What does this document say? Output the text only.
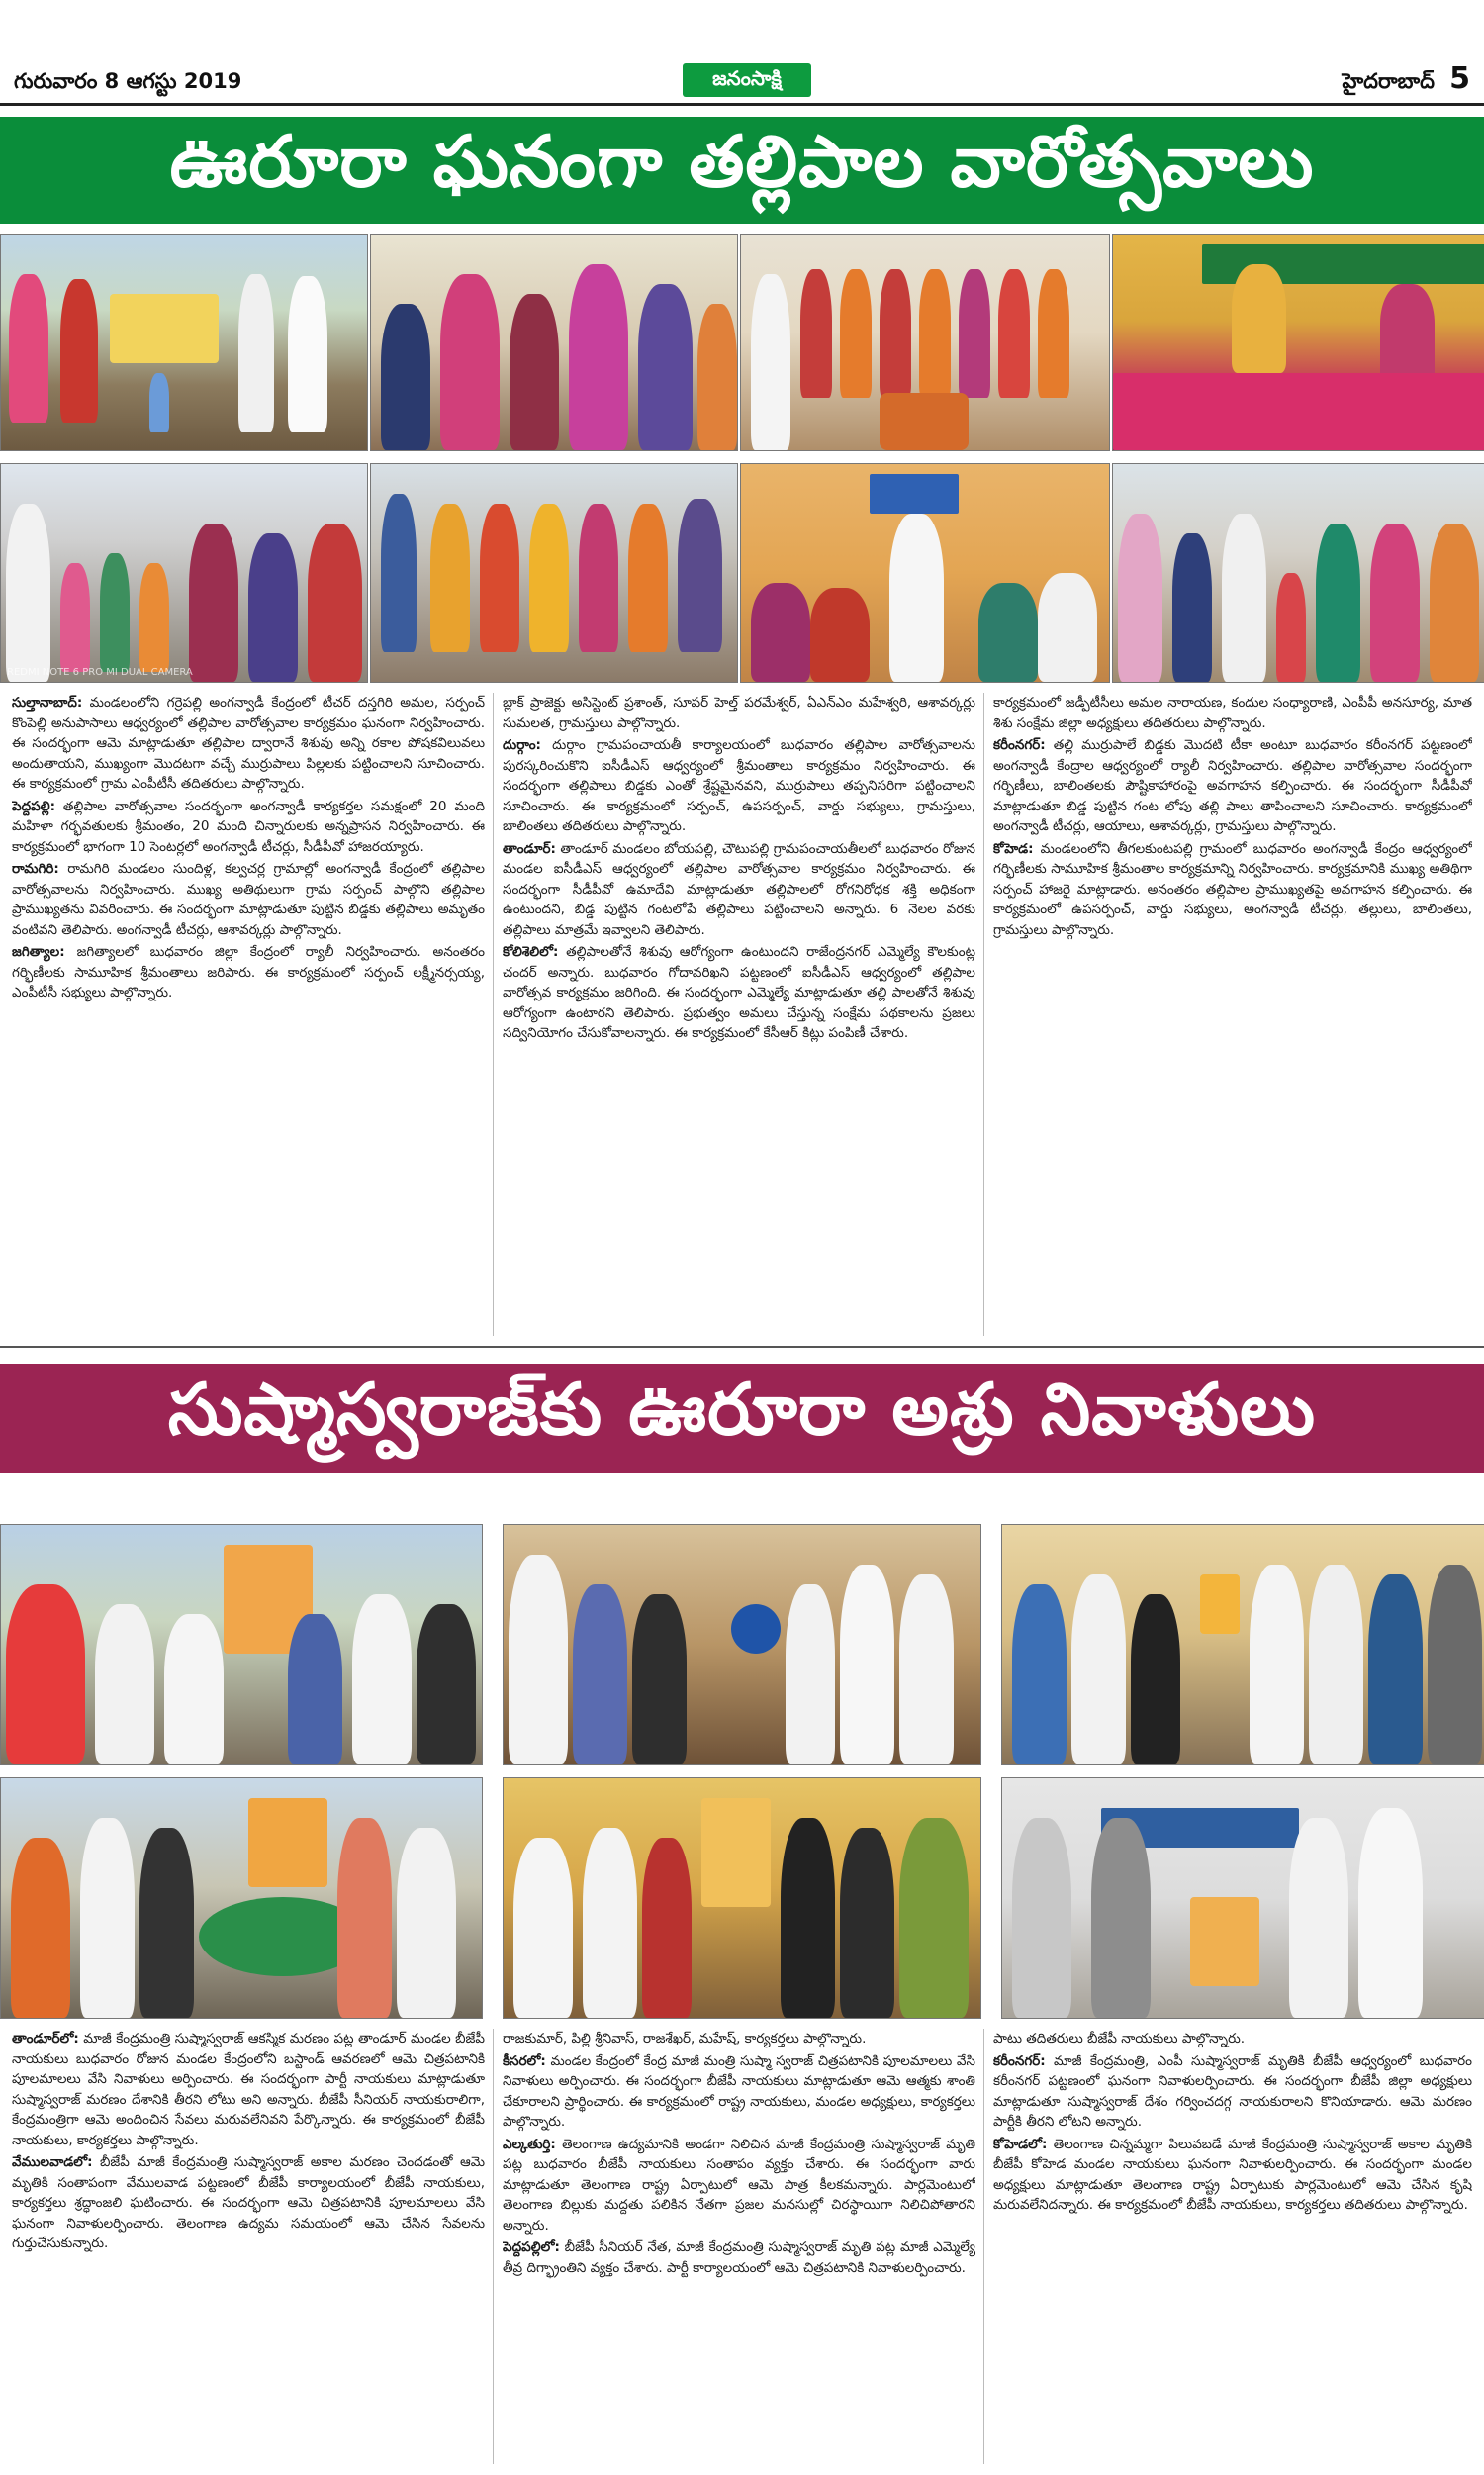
గురువారం 8 ఆగస్టు 2019	జనంసాక్షి	హైదరాబాద్ 5
ఊరూరా ఘనంగా తల్లిపాల వారోత్సవాలు
REDMI NOTE 6 PRO MI DUAL CAMERA

సుల్తానాబాద్: మండలంలోని గర్రెపల్లి అంగన్వాడీ కేంద్రంలో టీచర్ దస్తగిరి అమల, సర్పంచ్ కొంపెల్లి అనుపాసాలు ఆధ్వర్యంలో తల్లిపాల వారోత్సవాల కార్యక్రమం ఘనంగా నిర్వహించారు. ఈ సందర్భంగా ఆమె మాట్లాడుతూ తల్లిపాల ద్వారానే శిశువు అన్ని రకాల పోషకవిలువలు అందుతాయని, ముఖ్యంగా మొదటగా వచ్చే ముర్రుపాలు పిల్లలకు పట్టించాలని సూచించారు. ఈ కార్యక్రమంలో గ్రామ ఎంపీటీసీ తదితరులు పాల్గొన్నారు.

పెద్దపల్లి: తల్లిపాల వారోత్సవాల సందర్భంగా అంగన్వాడీ కార్యకర్తల సమక్షంలో 20 మంది మహిళా గర్భవతులకు శ్రీమంతం, 20 మంది చిన్నారులకు అన్నప్రాసన నిర్వహించారు. ఈ కార్యక్రమంలో భాగంగా 10 సెంటర్లలో అంగన్వాడీ టీచర్లు, సీడీపీవో హాజరయ్యారు.

రామగిరి: రామగిరి మండలం సుందిళ్ల, కల్వచర్ల గ్రామాల్లో అంగన్వాడీ కేంద్రంలో తల్లిపాల వారోత్సవాలను నిర్వహించారు. ముఖ్య అతిథులుగా గ్రామ సర్పంచ్ పాల్గొని తల్లిపాల ప్రాముఖ్యతను వివరించారు. ఈ సందర్భంగా మాట్లాడుతూ పుట్టిన బిడ్డకు తల్లిపాలు అమృతం వంటివని తెలిపారు. అంగన్వాడీ టీచర్లు, ఆశావర్కర్లు పాల్గొన్నారు.

జగిత్యాల: జగిత్యాలలో బుధవారం జిల్లా కేంద్రంలో ర్యాలీ నిర్వహించారు. అనంతరం గర్భిణీలకు సామూహిక శ్రీమంతాలు జరిపారు. ఈ కార్యక్రమంలో సర్పంచ్ లక్ష్మీనర్సయ్య, ఎంపీటీసీ సభ్యులు పాల్గొన్నారు.

బ్లాక్ ప్రాజెక్టు అసిస్టెంట్ ప్రశాంత్, సూపర్ హెల్త్ పరమేశ్వర్, ఏఎన్ఎం మహేశ్వరి, ఆశావర్కర్లు సుమలత, గ్రామస్తులు పాల్గొన్నారు.

దుర్గాం: దుర్గాం గ్రామపంచాయతీ కార్యాలయంలో బుధవారం తల్లిపాల వారోత్సవాలను పురస్కరించుకొని ఐసీడీఎస్ ఆధ్వర్యంలో శ్రీమంతాలు కార్యక్రమం నిర్వహించారు. ఈ సందర్భంగా తల్లిపాలు బిడ్డకు ఎంతో శ్రేష్టమైనవని, ముర్రుపాలు తప్పనిసరిగా పట్టించాలని సూచించారు. ఈ కార్యక్రమంలో సర్పంచ్, ఉపసర్పంచ్, వార్డు సభ్యులు, గ్రామస్తులు, బాలింతలు తదితరులు పాల్గొన్నారు.

తాండూర్: తాండూర్ మండలం బోయపల్లి, చౌటుపల్లి గ్రామపంచాయతీలలో బుధవారం రోజున మండల ఐసీడీఎస్ ఆధ్వర్యంలో తల్లిపాల వారోత్సవాల కార్యక్రమం నిర్వహించారు. ఈ సందర్భంగా సీడీపీవో ఉమాదేవి మాట్లాడుతూ తల్లిపాలలో రోగనిరోధక శక్తి అధికంగా ఉంటుందని, బిడ్డ పుట్టిన గంటలోపే తల్లిపాలు పట్టించాలని అన్నారు. 6 నెలల వరకు తల్లిపాలు మాత్రమే ఇవ్వాలని తెలిపారు.

కోలిశెలిలో: తల్లిపాలతోనే శిశువు ఆరోగ్యంగా ఉంటుందని రాజేంద్రనగర్ ఎమ్మెల్యే కౌలకుంట్ల చందర్ అన్నారు. బుధవారం గోదావరిఖని పట్టణంలో ఐసీడీఎస్ ఆధ్వర్యంలో తల్లిపాల వారోత్సవ కార్యక్రమం జరిగింది. ఈ సందర్భంగా ఎమ్మెల్యే మాట్లాడుతూ తల్లి పాలతోనే శిశువు ఆరోగ్యంగా ఉంటారని తెలిపారు. ప్రభుత్వం అమలు చేస్తున్న సంక్షేమ పథకాలను ప్రజలు సద్వినియోగం చేసుకోవాలన్నారు. ఈ కార్యక్రమంలో కేసీఆర్ కిట్లు పంపిణీ చేశారు.

కార్యక్రమంలో జడ్పీటీసీలు అమల నారాయణ, కందుల సంధ్యారాణి, ఎంపీపీ అనసూర్య, మాత శిశు సంక్షేమ జిల్లా అధ్యక్షులు తదితరులు పాల్గొన్నారు.

కరీంనగర్: తల్లి ముర్రుపాలే బిడ్డకు మొదటి టీకా అంటూ బుధవారం కరీంనగర్ పట్టణంలో అంగన్వాడీ కేంద్రాల ఆధ్వర్యంలో ర్యాలీ నిర్వహించారు. తల్లిపాల వారోత్సవాల సందర్భంగా గర్భిణీలు, బాలింతలకు పౌష్టికాహారంపై అవగాహన కల్పించారు. ఈ సందర్భంగా సీడీపీవో మాట్లాడుతూ బిడ్డ పుట్టిన గంట లోపు తల్లి పాలు తాపించాలని సూచించారు. కార్యక్రమంలో అంగన్వాడీ టీచర్లు, ఆయాలు, ఆశావర్కర్లు, గ్రామస్తులు పాల్గొన్నారు.

కోహెడ: మండలంలోని తీగలకుంటపల్లి గ్రామంలో బుధవారం అంగన్వాడీ కేంద్రం ఆధ్వర్యంలో గర్భిణీలకు సామూహిక శ్రీమంతాల కార్యక్రమాన్ని నిర్వహించారు. కార్యక్రమానికి ముఖ్య అతిథిగా సర్పంచ్ హాజరై మాట్లాడారు. అనంతరం తల్లిపాల ప్రాముఖ్యతపై అవగాహన కల్పించారు. ఈ కార్యక్రమంలో ఉపసర్పంచ్, వార్డు సభ్యులు, అంగన్వాడీ టీచర్లు, తల్లులు, బాలింతలు, గ్రామస్తులు పాల్గొన్నారు.

సుష్మాస్వరాజ్‌కు ఊరూరా అశ్రు నివాళులు

తాండూర్‌లో: మాజీ కేంద్రమంత్రి సుష్మాస్వరాజ్ ఆకస్మిక మరణం పట్ల తాండూర్ మండల బీజేపీ నాయకులు బుధవారం రోజున మండల కేంద్రంలోని బస్టాండ్ ఆవరణలో ఆమె చిత్రపటానికి పూలమాలలు వేసి నివాళులు అర్పించారు. ఈ సందర్భంగా పార్టీ నాయకులు మాట్లాడుతూ సుష్మాస్వరాజ్ మరణం దేశానికి తీరని లోటు అని అన్నారు. బీజేపీ సీనియర్ నాయకురాలిగా, కేంద్రమంత్రిగా ఆమె అందించిన సేవలు మరువలేనివని పేర్కొన్నారు. ఈ కార్యక్రమంలో బీజేపీ నాయకులు, కార్యకర్తలు పాల్గొన్నారు.

వేములవాడలో: బీజేపీ మాజీ కేంద్రమంత్రి సుష్మాస్వరాజ్ అకాల మరణం చెందడంతో ఆమె మృతికి సంతాపంగా వేములవాడ పట్టణంలో బీజేపీ కార్యాలయంలో బీజేపీ నాయకులు, కార్యకర్తలు శ్రద్ధాంజలి ఘటించారు. ఈ సందర్భంగా ఆమె చిత్రపటానికి పూలమాలలు వేసి ఘనంగా నివాళులర్పించారు. తెలంగాణ ఉద్యమ సమయంలో ఆమె చేసిన సేవలను గుర్తుచేసుకున్నారు.

రాజకుమార్, పిల్లి శ్రీనివాస్, రాజశేఖర్, మహేష్, కార్యకర్తలు పాల్గొన్నారు.

కీసరలో: మండల కేంద్రంలో కేంద్ర మాజీ మంత్రి సుష్మా స్వరాజ్ చిత్రపటానికి పూలమాలలు వేసి నివాళులు అర్పించారు. ఈ సందర్భంగా బీజేపీ నాయకులు మాట్లాడుతూ ఆమె ఆత్మకు శాంతి చేకూరాలని ప్రార్థించారు. ఈ కార్యక్రమంలో రాష్ట్ర నాయకులు, మండల అధ్యక్షులు, కార్యకర్తలు పాల్గొన్నారు.

ఎల్కతుర్తి: తెలంగాణ ఉద్యమానికి అండగా నిలిచిన మాజీ కేంద్రమంత్రి సుష్మాస్వరాజ్ మృతి పట్ల బుధవారం బీజేపీ నాయకులు సంతాపం వ్యక్తం చేశారు. ఈ సందర్భంగా వారు మాట్లాడుతూ తెలంగాణ రాష్ట్ర ఏర్పాటులో ఆమె పాత్ర కీలకమన్నారు. పార్లమెంటులో తెలంగాణ బిల్లుకు మద్దతు పలికిన నేతగా ప్రజల మనసుల్లో చిరస్థాయిగా నిలిచిపోతారని అన్నారు.

పెద్దపల్లిలో: బీజేపీ సీనియర్ నేత, మాజీ కేంద్రమంత్రి సుష్మాస్వరాజ్ మృతి పట్ల మాజీ ఎమ్మెల్యే తీవ్ర దిగ్భ్రాంతిని వ్యక్తం చేశారు. పార్టీ కార్యాలయంలో ఆమె చిత్రపటానికి నివాళులర్పించారు.

పాటు తదితరులు బీజేపీ నాయకులు పాల్గొన్నారు.

కరీంనగర్: మాజీ కేంద్రమంత్రి, ఎంపీ సుష్మాస్వరాజ్ మృతికి బీజేపీ ఆధ్వర్యంలో బుధవారం కరీంనగర్ పట్టణంలో ఘనంగా నివాళులర్పించారు. ఈ సందర్భంగా బీజేపీ జిల్లా అధ్యక్షులు మాట్లాడుతూ సుష్మాస్వరాజ్ దేశం గర్వించదగ్గ నాయకురాలని కొనియాడారు. ఆమె మరణం పార్టీకి తీరని లోటని అన్నారు.

కోహెడలో: తెలంగాణ చిన్నమ్మగా పిలువబడే మాజీ కేంద్రమంత్రి సుష్మాస్వరాజ్ అకాల మృతికి బీజేపీ కోహెడ మండల నాయకులు ఘనంగా నివాళులర్పించారు. ఈ సందర్భంగా మండల అధ్యక్షులు మాట్లాడుతూ తెలంగాణ రాష్ట్ర ఏర్పాటుకు పార్లమెంటులో ఆమె చేసిన కృషి మరువలేనిదన్నారు. ఈ కార్యక్రమంలో బీజేపీ నాయకులు, కార్యకర్తలు తదితరులు పాల్గొన్నారు.
